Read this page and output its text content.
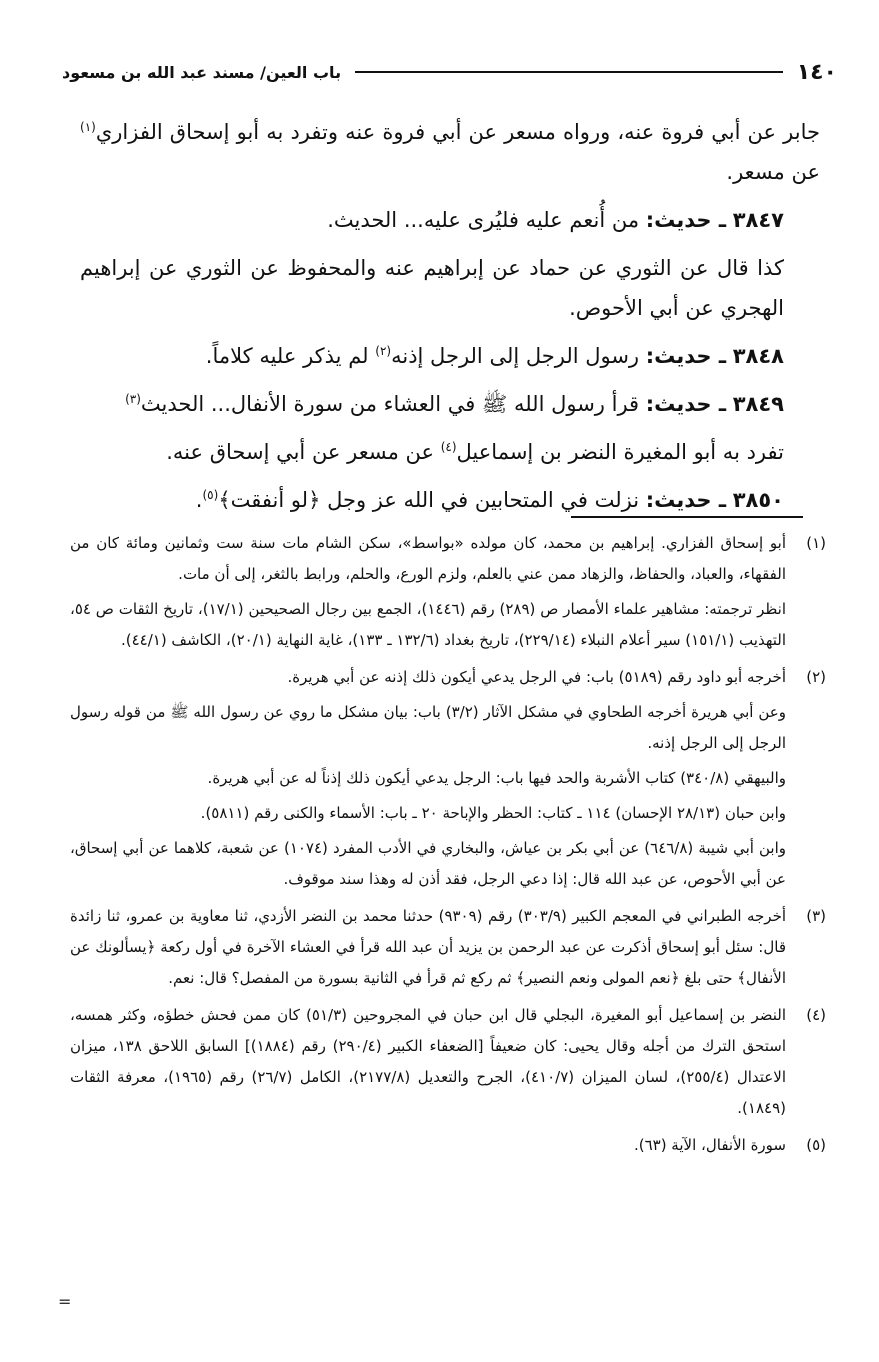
١٤٠
باب العين/ مسند عبد الله بن مسعود

جابر عن أبي فروة عنه، ورواه مسعر عن أبي فروة عنه وتفرد به أبو إسحاق الفزاري$^{(١)}$ عن مسعر.

٣٨٤٧ ـ حديث: من أُنعم عليه فليُرى عليه... الحديث.

كذا قال عن الثوري عن حماد عن إبراهيم عنه والمحفوظ عن الثوري عن إبراهيم الهجري عن أبي الأحوص.

٣٨٤٨ ـ حديث: رسول الرجل إلى الرجل إذنه$^{(٢)}$ لم يذكر عليه كلاماً.

٣٨٤٩ ـ حديث: قرأ رسول الله ﷺ في العشاء من سورة الأنفال... الحديث$^{(٣)}$

تفرد به أبو المغيرة النضر بن إسماعيل$^{(٤)}$ عن مسعر عن أبي إسحاق عنه.

٣٨٥٠ ـ حديث: نزلت في المتحابين في الله عز وجل ﴿لو أنفقت﴾$^{(٥)}$.

(١)

أبو إسحاق الفزاري. إبراهيم بن محمد، كان مولده «بواسط»، سكن الشام مات سنة ست وثمانين ومائة كان من الفقهاء، والعباد، والحفاظ، والزهاد ممن عني بالعلم، ولزم الورع، والحلم، ورابط بالثغر، إلى أن مات.

انظر ترجمته: مشاهير علماء الأمصار ص (٢٨٩) رقم (١٤٤٦)، الجمع بين رجال الصحيحين (١٧/١)، تاريخ الثقات ص ٥٤، التهذيب (١٥١/١) سير أعلام النبلاء (٢٢٩/١٤)، تاريخ بغداد (١٣٢/٦ ـ ١٣٣)، غاية النهاية (٢٠/١)، الكاشف (٤٤/١).

(٢)

أخرجه أبو داود رقم (٥١٨٩) باب: في الرجل يدعي أيكون ذلك إذنه عن أبي هريرة.

وعن أبي هريرة أخرجه الطحاوي في مشكل الآثار (٣/٢) باب: بيان مشكل ما روي عن رسول الله ﷺ من قوله رسول الرجل إلى الرجل إذنه.

والبيهقي (٣٤٠/٨) كتاب الأشربة والحد فيها باب: الرجل يدعي أيكون ذلك إذناً له عن أبي هريرة.

وابن حبان (٢٨/١٣ الإحسان) ١١٤ ـ كتاب: الحظر والإباحة ٢٠ ـ باب: الأسماء والكنى رقم (٥٨١١).

وابن أبي شيبة (٦٤٦/٨) عن أبي بكر بن عياش، والبخاري في الأدب المفرد (١٠٧٤) عن شعبة، كلاهما عن أبي إسحاق، عن أبي الأحوص، عن عبد الله قال: إذا دعي الرجل، فقد أذن له وهذا سند موقوف.

(٣)

أخرجه الطبراني في المعجم الكبير (٣٠٣/٩) رقم (٩٣٠٩) حدثنا محمد بن النضر الأزدي، ثنا معاوية بن عمرو، ثنا زائدة قال: سئل أبو إسحاق أذكرت عن عبد الرحمن بن يزيد أن عبد الله قرأ في العشاء الآخرة في أول ركعة ﴿يسألونك عن الأنفال﴾ حتى بلغ ﴿نعم المولى ونعم النصير﴾ ثم ركع ثم قرأ في الثانية بسورة من المفصل؟ قال: نعم.

(٤)

النضر بن إسماعيل أبو المغيرة، البجلي قال ابن حبان في المجروحين (٥١/٣) كان ممن فحش خطؤه، وكثر همسه، استحق الترك من أجله وقال يحيى: كان ضعيفاً [الضعفاء الكبير (٢٩٠/٤) رقم (١٨٨٤)] السابق اللاحق ١٣٨، ميزان الاعتدال (٢٥٥/٤)، لسان الميزان (٤١٠/٧)، الجرح والتعديل (٢١٧٧/٨)، الكامل (٢٦/٧) رقم (١٩٦٥)، معرفة الثقات (١٨٤٩).

(٥)

سورة الأنفال، الآية (٦٣).

=
